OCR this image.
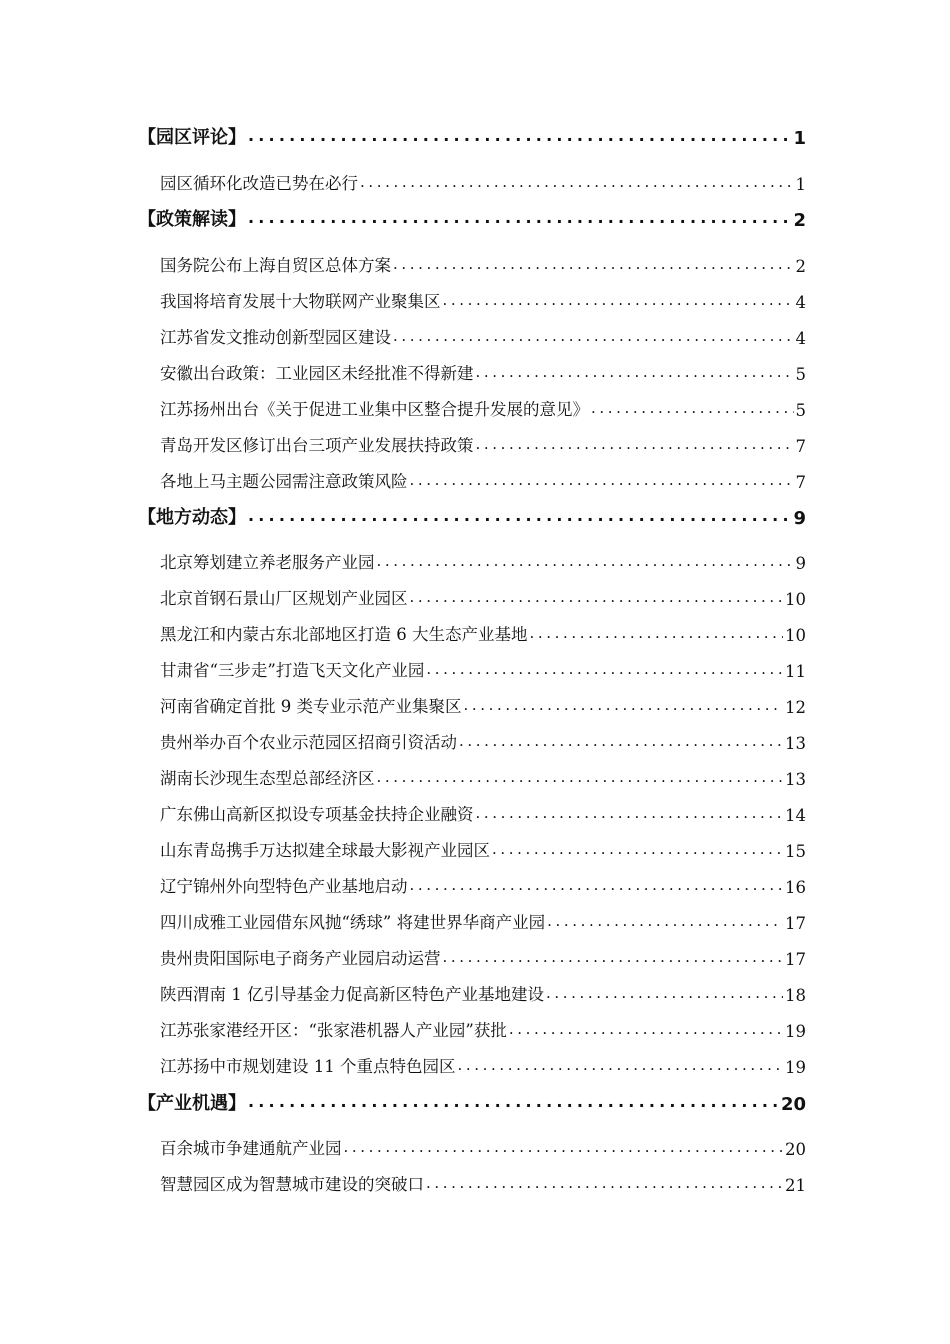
【园区评论】 .....	1
园区循环化改造已势在必行 .....	1
【政策解读】 .....	2
国务院公布上海自贸区总体方案 .....	2
我国将培育发展十大物联网产业聚集区 .....	4
江苏省发文推动创新型园区建设 .....	4
安徽出台政策：工业园区未经批准不得新建 .....	5
江苏扬州出台《关于促进工业集中区整合提升发展的意见》 .....	5
青岛开发区修订出台三项产业发展扶持政策 .....	7
各地上马主题公园需注意政策风险 .....	7
【地方动态】 .....	9
北京筹划建立养老服务产业园 .....	9
北京首钢石景山厂区规划产业园区 .....	10
黑龙江和内蒙古东北部地区打造 6 大生态产业基地 .....	10
甘肃省“三步走”打造飞天文化产业园 .....	11
河南省确定首批 9 类专业示范产业集聚区 .....	12
贵州举办百个农业示范园区招商引资活动 .....	13
湖南长沙现生态型总部经济区 .....	13
广东佛山高新区拟设专项基金扶持企业融资 .....	14
山东青岛携手万达拟建全球最大影视产业园区 .....	15
辽宁锦州外向型特色产业基地启动 .....	16
四川成雅工业园借东风抛“绣球” 将建世界华商产业园 .....	17
贵州贵阳国际电子商务产业园启动运营 .....	17
陕西渭南 1 亿引导基金力促高新区特色产业基地建设 .....	18
江苏张家港经开区：“张家港机器人产业园”获批 .....	19
江苏扬中市规划建设 11 个重点特色园区 .....	19
【产业机遇】 .....	20
百余城市争建通航产业园 .....	20
智慧园区成为智慧城市建设的突破口 .....	21
